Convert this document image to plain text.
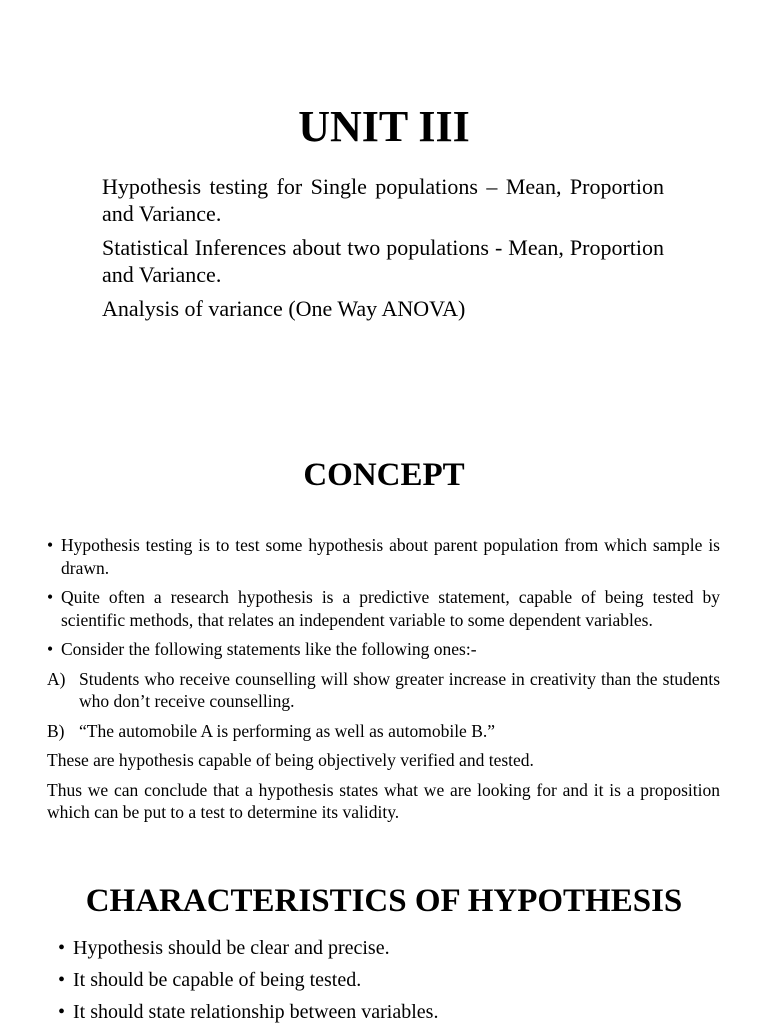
UNIT III
Hypothesis testing for Single populations – Mean, Proportion and Variance.
Statistical Inferences about two populations - Mean, Proportion and Variance.
Analysis of variance (One Way ANOVA)
CONCEPT
• Hypothesis testing is to test some hypothesis about parent population from which sample is drawn.
• Quite often a research hypothesis is a predictive statement, capable of being tested by scientific methods, that relates an independent variable to some dependent variables.
• Consider the following statements like the following ones:-
A) Students who receive counselling will show greater increase in creativity than the students who don’t receive counselling.
B) “The automobile A is performing as well as automobile B.”
These are hypothesis capable of being objectively verified and tested.
Thus we can conclude that a hypothesis states what we are looking for and it is a proposition which can be put to a test to determine its validity.
CHARACTERISTICS OF HYPOTHESIS
• Hypothesis should be clear and precise.
• It should be capable of being tested.
• It should state relationship between variables.
